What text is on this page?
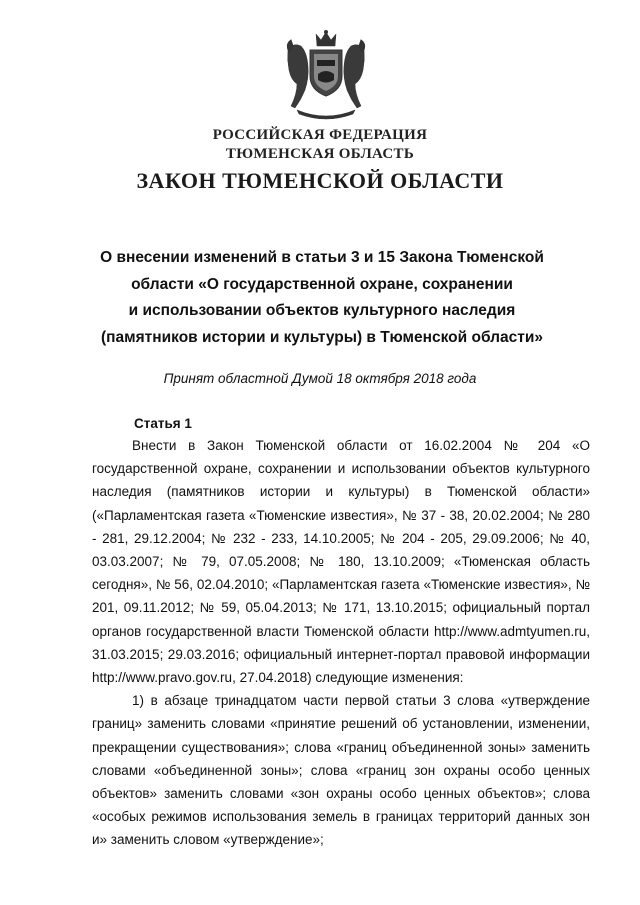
РОССИЙСКАЯ ФЕДЕРАЦИЯ
ТЮМЕНСКАЯ ОБЛАСТЬ
ЗАКОН ТЮМЕНСКОЙ ОБЛАСТИ
О внесении изменений в статьи 3 и 15 Закона Тюменской
области «О государственной охране, сохранении
и использовании объектов культурного наследия
(памятников истории и культуры) в Тюменской области»
Принят областной Думой 18 октября 2018 года
Статья 1

Внести в Закон Тюменской области от 16.02.2004 № 204 «О государственной охране, сохранении и использовании объектов культурного наследия (памятников истории и культуры) в Тюменской области» («Парламентская газета «Тюменские известия», № 37 - 38, 20.02.2004; № 280 - 281, 29.12.2004; № 232 - 233, 14.10.2005; № 204 - 205, 29.09.2006; № 40, 03.03.2007; № 79, 07.05.2008; № 180, 13.10.2009; «Тюменская область сегодня», № 56, 02.04.2010; «Парламентская газета «Тюменские известия», № 201, 09.11.2012; № 59, 05.04.2013; № 171, 13.10.2015; официальный портал органов государственной власти Тюменской области http://www.admtyumen.ru, 31.03.2015; 29.03.2016; официальный интернет-портал правовой информации http://www.pravo.gov.ru, 27.04.2018) следующие изменения:

1) в абзаце тринадцатом части первой статьи 3 слова «утверждение границ» заменить словами «принятие решений об установлении, изменении, прекращении существования»; слова «границ объединенной зоны» заменить словами «объединенной зоны»; слова «границ зон охраны особо ценных объектов» заменить словами «зон охраны особо ценных объектов»; слова «особых режимов использования земель в границах территорий данных зон и» заменить словом «утверждение»;
